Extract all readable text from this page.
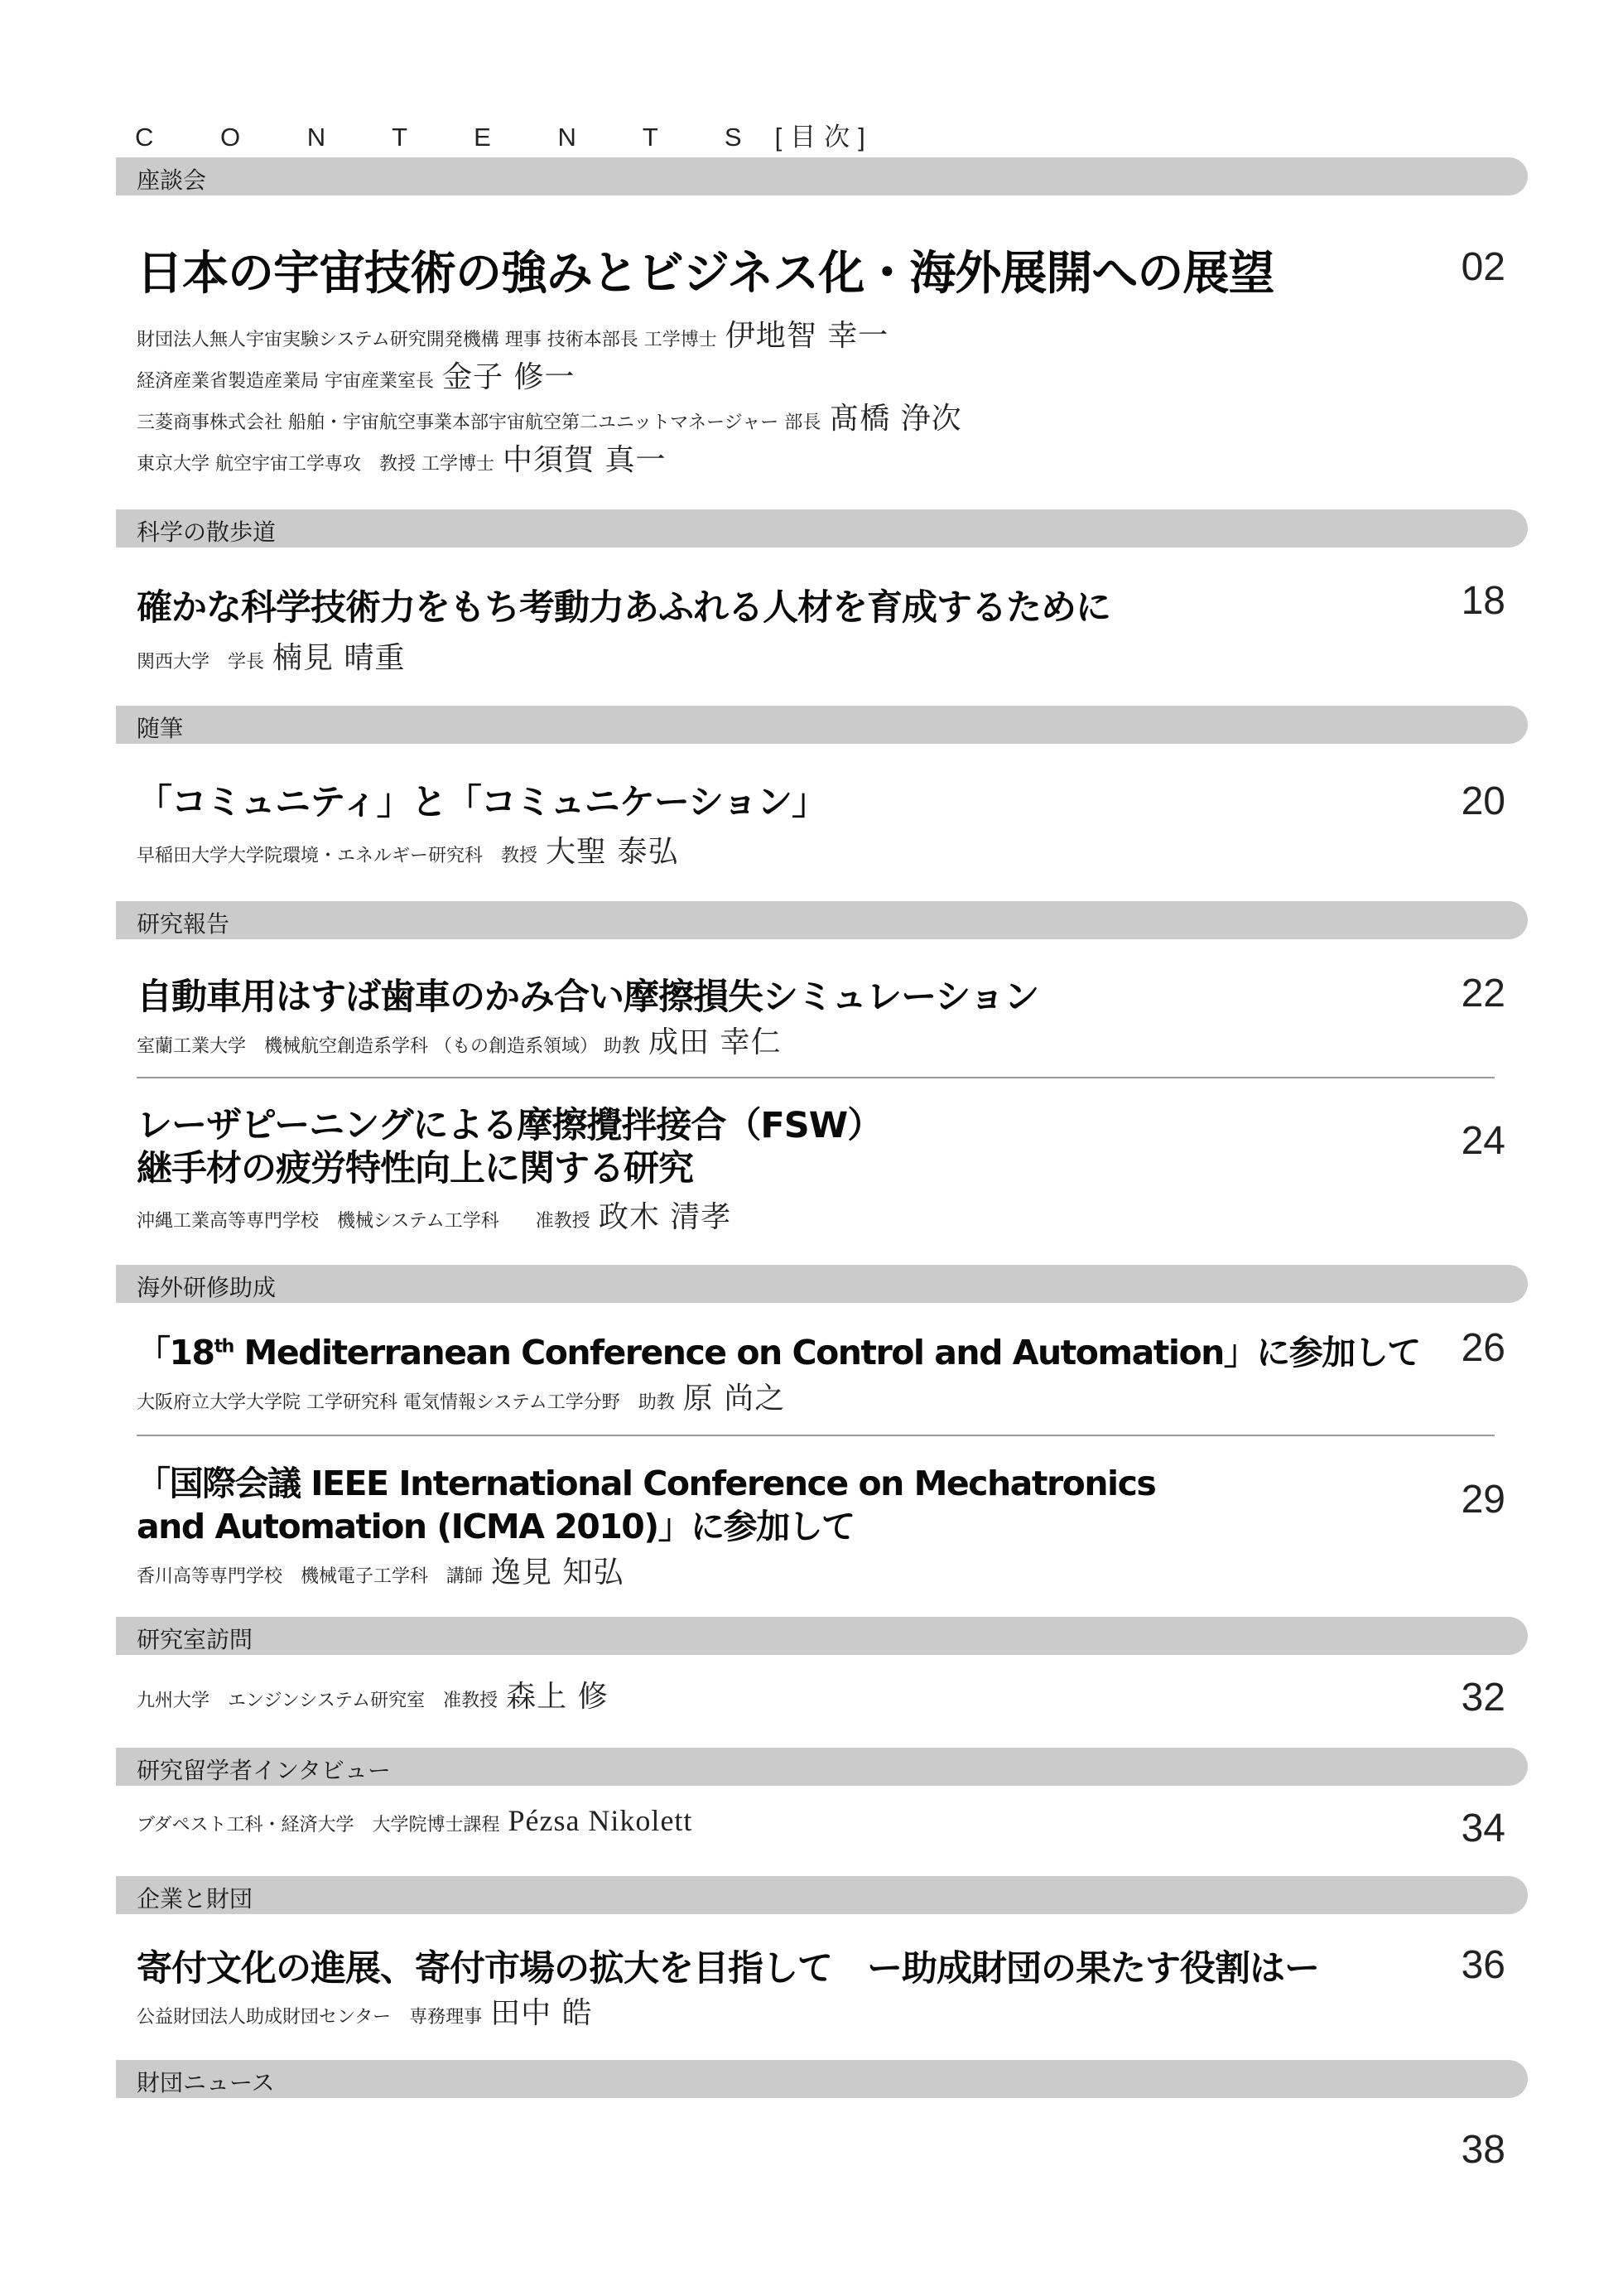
C O N T E N T S [目次]
座談会
日本の宇宙技術の強みとビジネス化・海外展開への展望	02
財団法人無人宇宙実験システム研究開発機構 理事 技術本部長 工学博士 伊地智 幸一
経済産業省製造産業局 宇宙産業室長 金子 修一
三菱商事株式会社 船舶・宇宙航空事業本部宇宙航空第二ユニットマネージャー 部長 髙橋 浄次
東京大学 航空宇宙工学専攻　教授 工学博士 中須賀 真一
科学の散歩道
確かな科学技術力をもち考動力あふれる人材を育成するために	18
関西大学　学長 楠見 晴重
随筆
「コミュニティ」と「コミュニケーション」	20
早稲田大学大学院環境・エネルギー研究科　教授 大聖 泰弘
研究報告
自動車用はすば歯車のかみ合い摩擦損失シミュレーション	22
室蘭工業大学　機械航空創造系学科 （もの創造系領域） 助教 成田 幸仁
レーザピーニングによる摩擦攪拌接合（FSW）
継手材の疲労特性向上に関する研究
24
沖縄工業高等専門学校　機械システム工学科　　准教授 政木 清孝
海外研修助成
「18th Mediterranean Conference on Control and Automation」に参加して 26
大阪府立大学大学院 工学研究科 電気情報システム工学分野　助教 原 尚之
「国際会議 IEEE International Conference on Mechatronics
and Automation (ICMA 2010)」に参加して
29
香川高等専門学校　機械電子工学科　講師 逸見 知弘
研究室訪問
九州大学　エンジンシステム研究室　准教授 森上 修	32
研究留学者インタビュー
ブダペスト工科・経済大学　大学院博士課程 Pézsa Nikolett	34
企業と財団
寄付文化の進展、寄付市場の拡大を目指して　ー助成財団の果たす役割はー	36
公益財団法人助成財団センター　専務理事 田中 皓
財団ニュース
38
